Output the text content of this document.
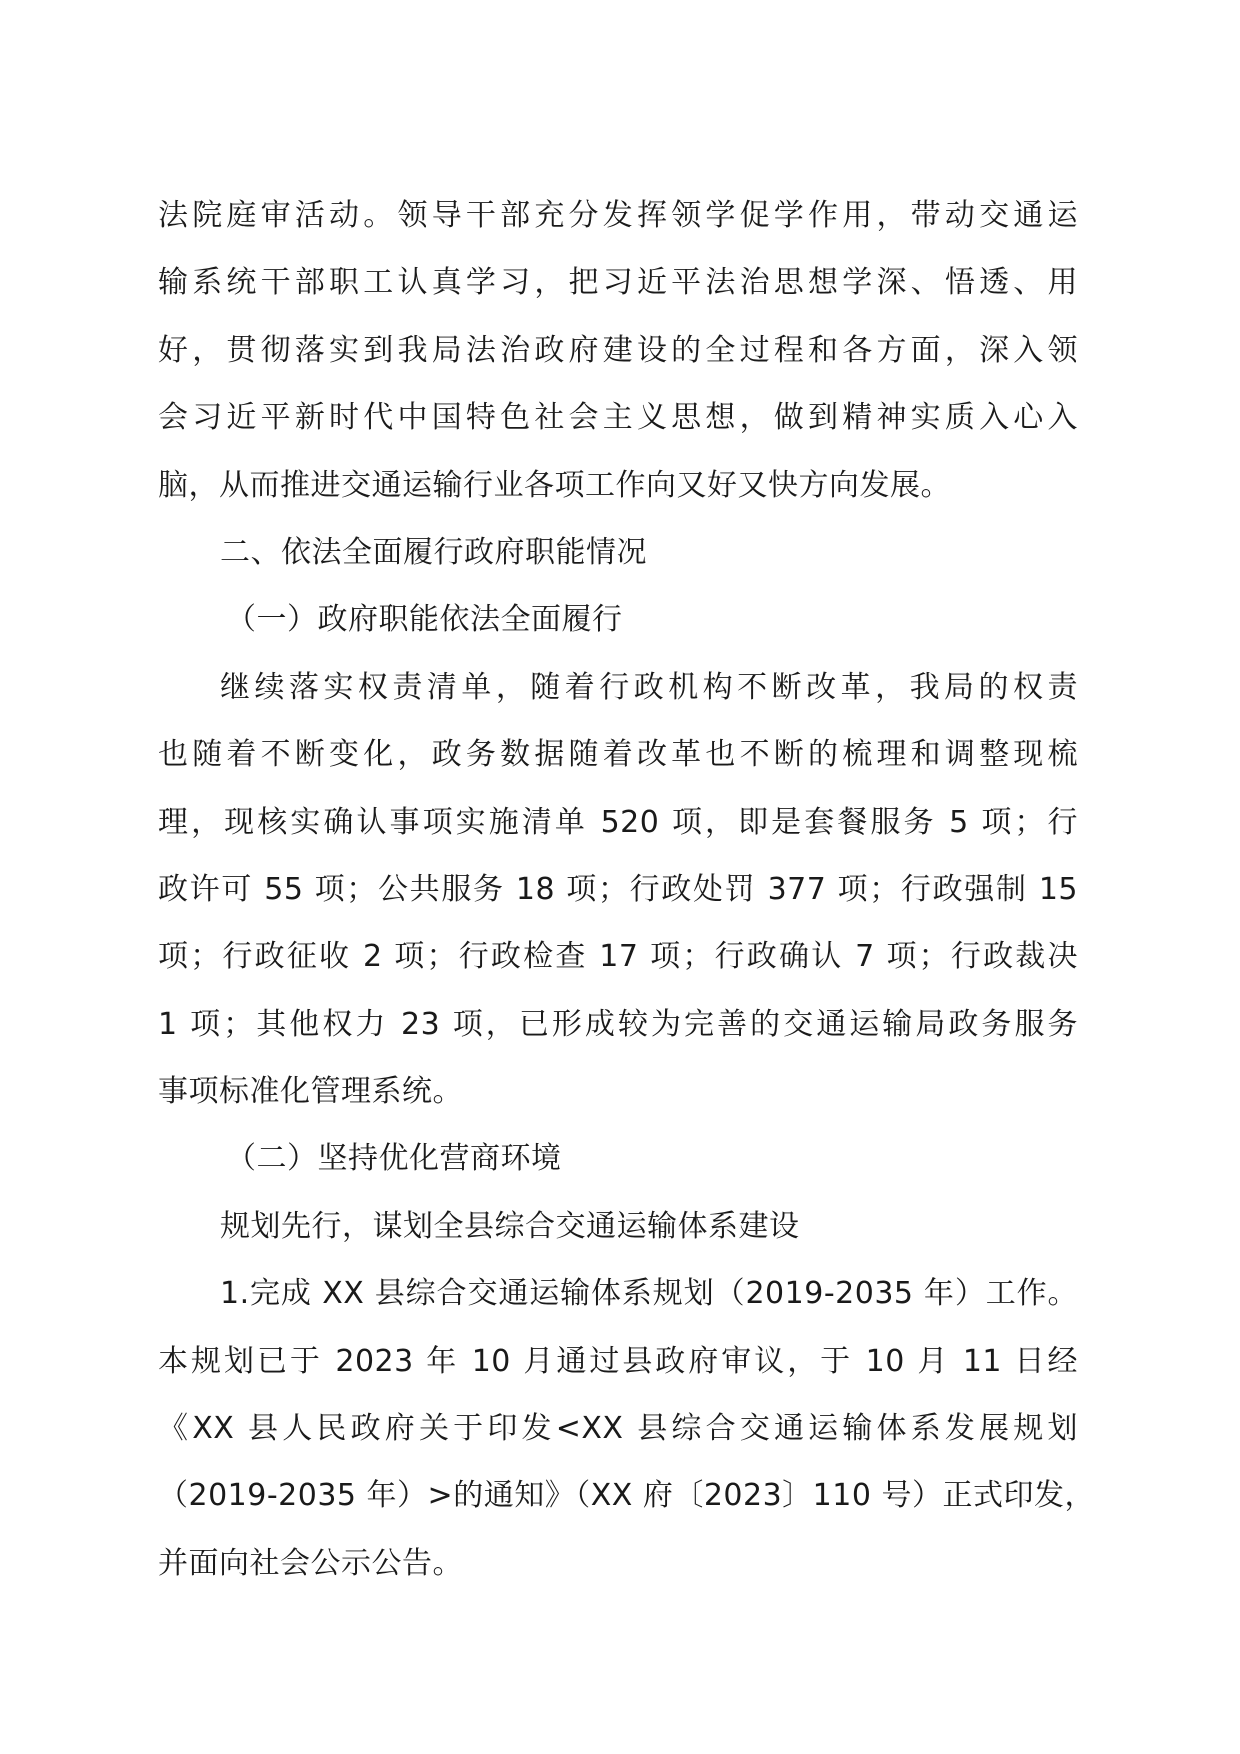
法院庭审活动。领导干部充分发挥领学促学作用，带动交通运
输系统干部职工认真学习，把习近平法治思想学深、悟透、用
好，贯彻落实到我局法治政府建设的全过程和各方面，深入领
会习近平新时代中国特色社会主义思想，做到精神实质入心入
脑，从而推进交通运输行业各项工作向又好又快方向发展。
二、依法全面履行政府职能情况
（一）政府职能依法全面履行
继续落实权责清单，随着行政机构不断改革，我局的权责
也随着不断变化，政务数据随着改革也不断的梳理和调整现梳
理，现核实确认事项实施清单 520 项，即是套餐服务 5 项；行
政许可 55 项；公共服务 18 项；行政处罚 377 项；行政强制 15
项；行政征收 2 项；行政检查 17 项；行政确认 7 项；行政裁决
1 项；其他权力 23 项，已形成较为完善的交通运输局政务服务
事项标准化管理系统。
（二）坚持优化营商环境
规划先行，谋划全县综合交通运输体系建设
1.完成 XX 县综合交通运输体系规划（2019-2035 年）工作。
本规划已于 2023 年 10 月通过县政府审议，于 10 月 11 日经
《XX 县人民政府关于印发<XX 县综合交通运输体系发展规划
（2019-2035 年）>的通知》（XX 府〔2023〕110 号）正式印发，
并面向社会公示公告。
